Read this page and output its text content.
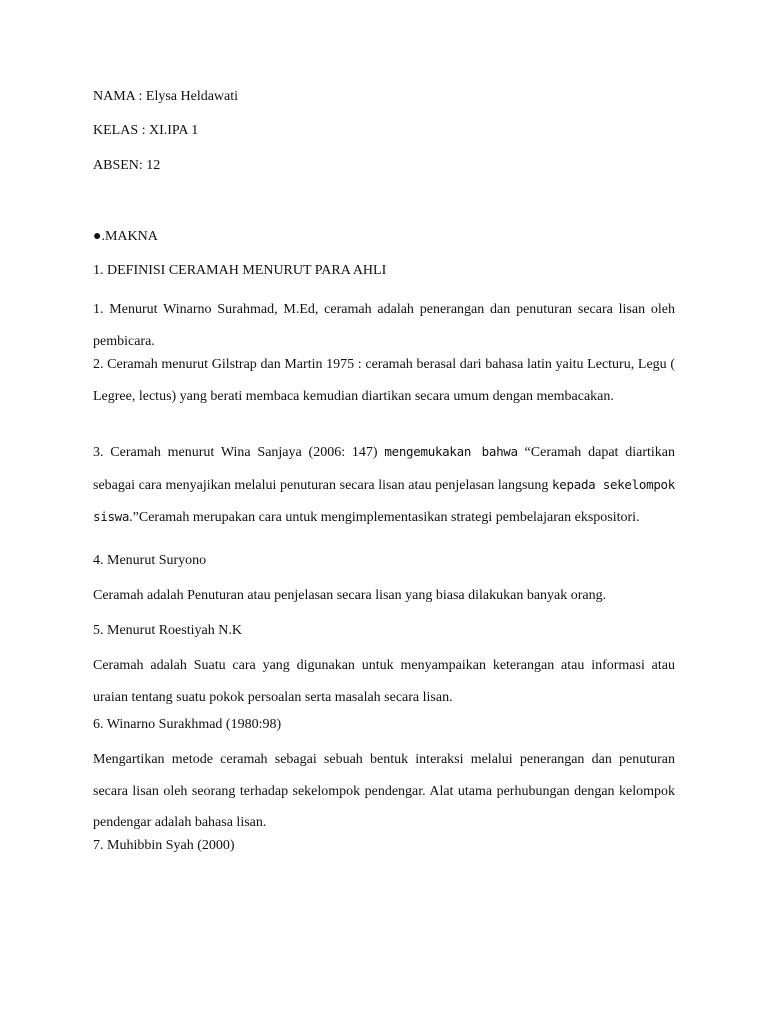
NAMA : Elysa Heldawati

KELAS : XI.IPA 1

ABSEN: 12

●.MAKNA

1. DEFINISI CERAMAH MENURUT PARA AHLI

1. Menurut Winarno Surahmad, M.Ed, ceramah adalah penerangan dan penuturan secara lisan oleh pembicara.

2. Ceramah menurut Gilstrap dan Martin 1975 : ceramah berasal dari bahasa latin yaitu Lecturu, Legu ( Legree, lectus) yang berati membaca kemudian diartikan secara umum dengan membacakan.

3. Ceramah menurut Wina Sanjaya (2006: 147) mengemukakan bahwa “Ceramah dapat diartikan sebagai cara menyajikan melalui penuturan secara lisan atau penjelasan langsung kepada sekelompok siswa.”Ceramah merupakan cara untuk mengimplementasikan strategi pembelajaran ekspositori.

4. Menurut Suryono

Ceramah adalah Penuturan atau penjelasan secara lisan yang biasa dilakukan banyak orang.

5. Menurut Roestiyah N.K

Ceramah adalah Suatu cara yang digunakan untuk menyampaikan keterangan atau informasi atau uraian tentang suatu pokok persoalan serta masalah secara lisan.

6. Winarno Surakhmad (1980:98)

Mengartikan metode ceramah sebagai sebuah bentuk interaksi melalui penerangan dan penuturan secara lisan oleh seorang terhadap sekelompok pendengar. Alat utama perhubungan dengan kelompok pendengar adalah bahasa lisan.

7. Muhibbin Syah (2000)
